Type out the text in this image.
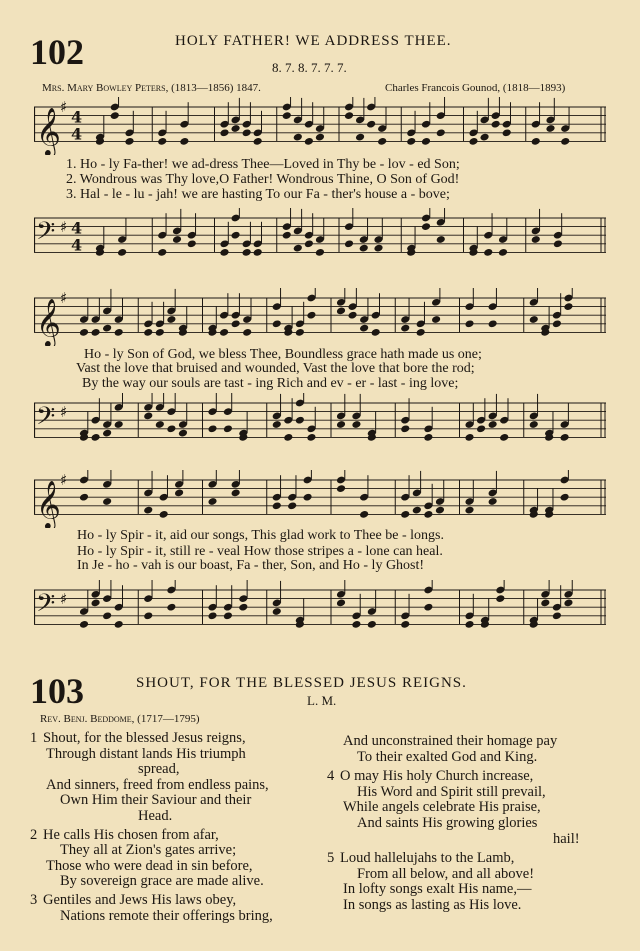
102	HOLY FATHER! WE ADDRESS THEE.
8. 7. 8. 7. 7. 7.
Mrs. Mary Bowley Peters, (1813—1856) 1847.	Charles Francois Gounod, (1818—1893)
𝄞 ♯
4
4
1. Ho - ly Fa-ther! we ad-dress Thee—Loved in Thy be - lov - ed Son;
2. Wondrous was Thy love,O Father! Wondrous Thine, O Son of God!
3. Hal - le - lu - jah! we are hasting To our Fa - ther's house a - bove;
𝄢 ♯ 4
4
𝄞 ♯
Ho - ly Son of God, we bless Thee, Boundless grace hath made us one;
Vast the love that bruised and wounded, Vast the love that bore the rod;
By the way our souls are tast - ing Rich and ev - er - last - ing love;
𝄢 ♯
𝄞 ♯
Ho - ly Spir - it, aid our songs, This glad work to Thee be - longs.
Ho - ly Spir - it, still re - veal How those stripes a - lone can heal.
In Je - ho - vah is our boast, Fa - ther, Son, and Ho - ly Ghost!
𝄢 ♯
103	SHOUT, FOR THE BLESSED JESUS REIGNS.
L. M.
Rev. Benj. Beddome, (1717—1795)
1 Shout, for the blessed Jesus reigns,
Through distant lands His triumph
spread,
And sinners, freed from endless pains,
Own Him their Saviour and their
Head.
2 He calls His chosen from afar,
They all at Zion's gates arrive;
Those who were dead in sin before,
By sovereign grace are made alive.
3 Gentiles and Jews His laws obey,
Nations remote their offerings bring,
And unconstrained their homage pay
To their exalted God and King.
4 O may His holy Church increase,
His Word and Spirit still prevail,
While angels celebrate His praise,
And saints His growing glories
hail!
5 Loud hallelujahs to the Lamb,
From all below, and all above!
In lofty songs exalt His name,—
In songs as lasting as His love.
